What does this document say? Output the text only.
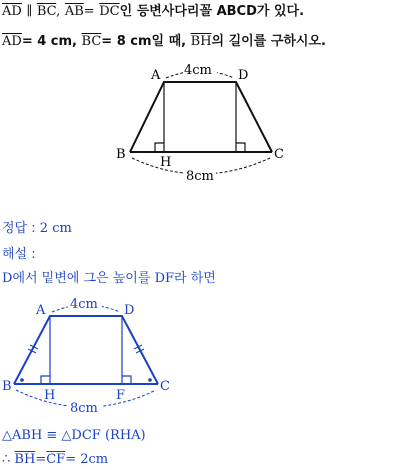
$\overline{AD}$ ∥ $\overline{BC}$, $\overline{AB}= \overline{DC}$인 등변사다리꼴 ABCD가 있다.
$\overline{AD}= 4$ cm, $\overline{BC}= 8$ cm일 때, $\overline{BH}$의 길이를 구하시오.
4cm
8cm
A	D
B	C
H
정답 : 2 cm
해설 :
D에서 밑변에 그은 높이를 DF라 하면
4cm
8cm
A	D
B	C
H	F
△ABH ≡ △DCF (RHA)
∴ $\overline{BH}=\overline{CF}= 2cm$
